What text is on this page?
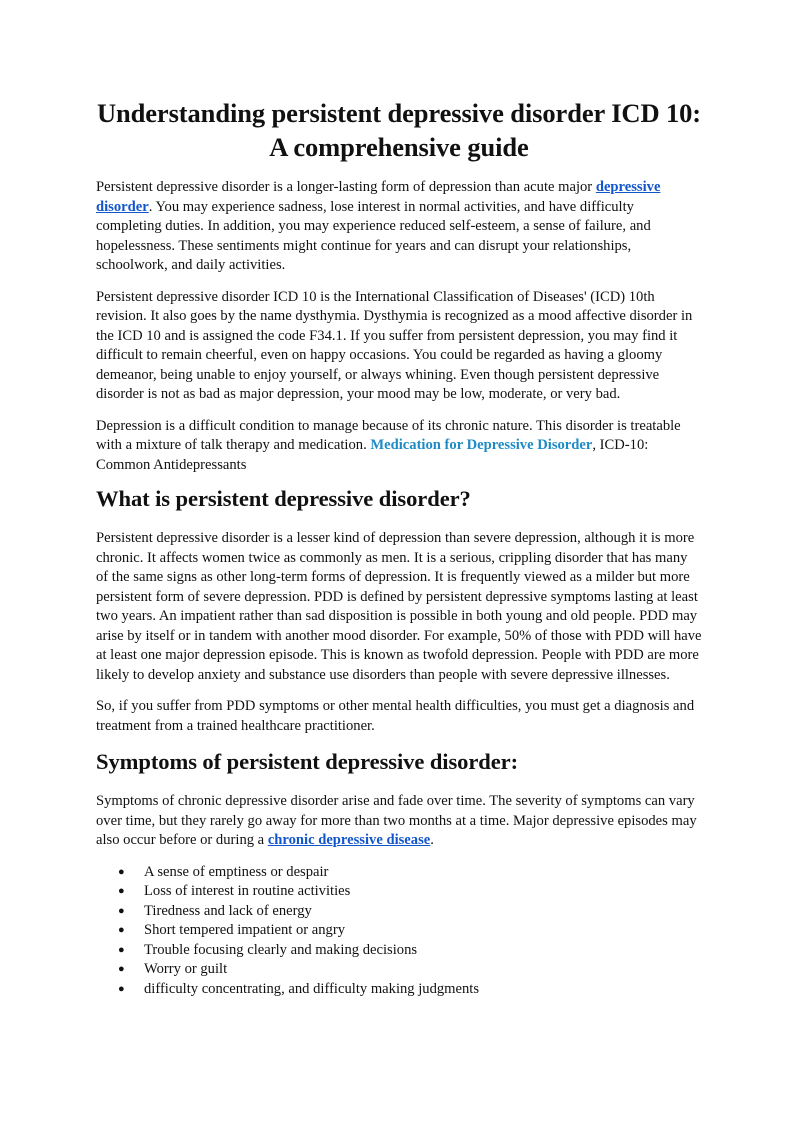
Understanding persistent depressive disorder ICD 10: A comprehensive guide

Persistent depressive disorder is a longer-lasting form of depression than acute major depressive disorder. You may experience sadness, lose interest in normal activities, and have difficulty completing duties. In addition, you may experience reduced self-esteem, a sense of failure, and hopelessness. These sentiments might continue for years and can disrupt your relationships, schoolwork, and daily activities.

Persistent depressive disorder ICD 10 is the International Classification of Diseases' (ICD) 10th revision. It also goes by the name dysthymia. Dysthymia is recognized as a mood affective disorder in the ICD 10 and is assigned the code F34.1. If you suffer from persistent depression, you may find it difficult to remain cheerful, even on happy occasions. You could be regarded as having a gloomy demeanor, being unable to enjoy yourself, or always whining. Even though persistent depressive disorder is not as bad as major depression, your mood may be low, moderate, or very bad.

Depression is a difficult condition to manage because of its chronic nature. This disorder is treatable with a mixture of talk therapy and medication. Medication for Depressive Disorder, ICD-10: Common Antidepressants

What is persistent depressive disorder?

Persistent depressive disorder is a lesser kind of depression than severe depression, although it is more chronic. It affects women twice as commonly as men. It is a serious, crippling disorder that has many of the same signs as other long-term forms of depression. It is frequently viewed as a milder but more persistent form of severe depression. PDD is defined by persistent depressive symptoms lasting at least two years. An impatient rather than sad disposition is possible in both young and old people. PDD may arise by itself or in tandem with another mood disorder. For example, 50% of those with PDD will have at least one major depression episode. This is known as twofold depression. People with PDD are more likely to develop anxiety and substance use disorders than people with severe depressive illnesses.

So, if you suffer from PDD symptoms or other mental health difficulties, you must get a diagnosis and treatment from a trained healthcare practitioner.

Symptoms of persistent depressive disorder:

Symptoms of chronic depressive disorder arise and fade over time. The severity of symptoms can vary over time, but they rarely go away for more than two months at a time. Major depressive episodes may also occur before or during a chronic depressive disease.

● A sense of emptiness or despair
● Loss of interest in routine activities
● Tiredness and lack of energy
● Short tempered impatient or angry
● Trouble focusing clearly and making decisions
● Worry or guilt
● difficulty concentrating, and difficulty making judgments
